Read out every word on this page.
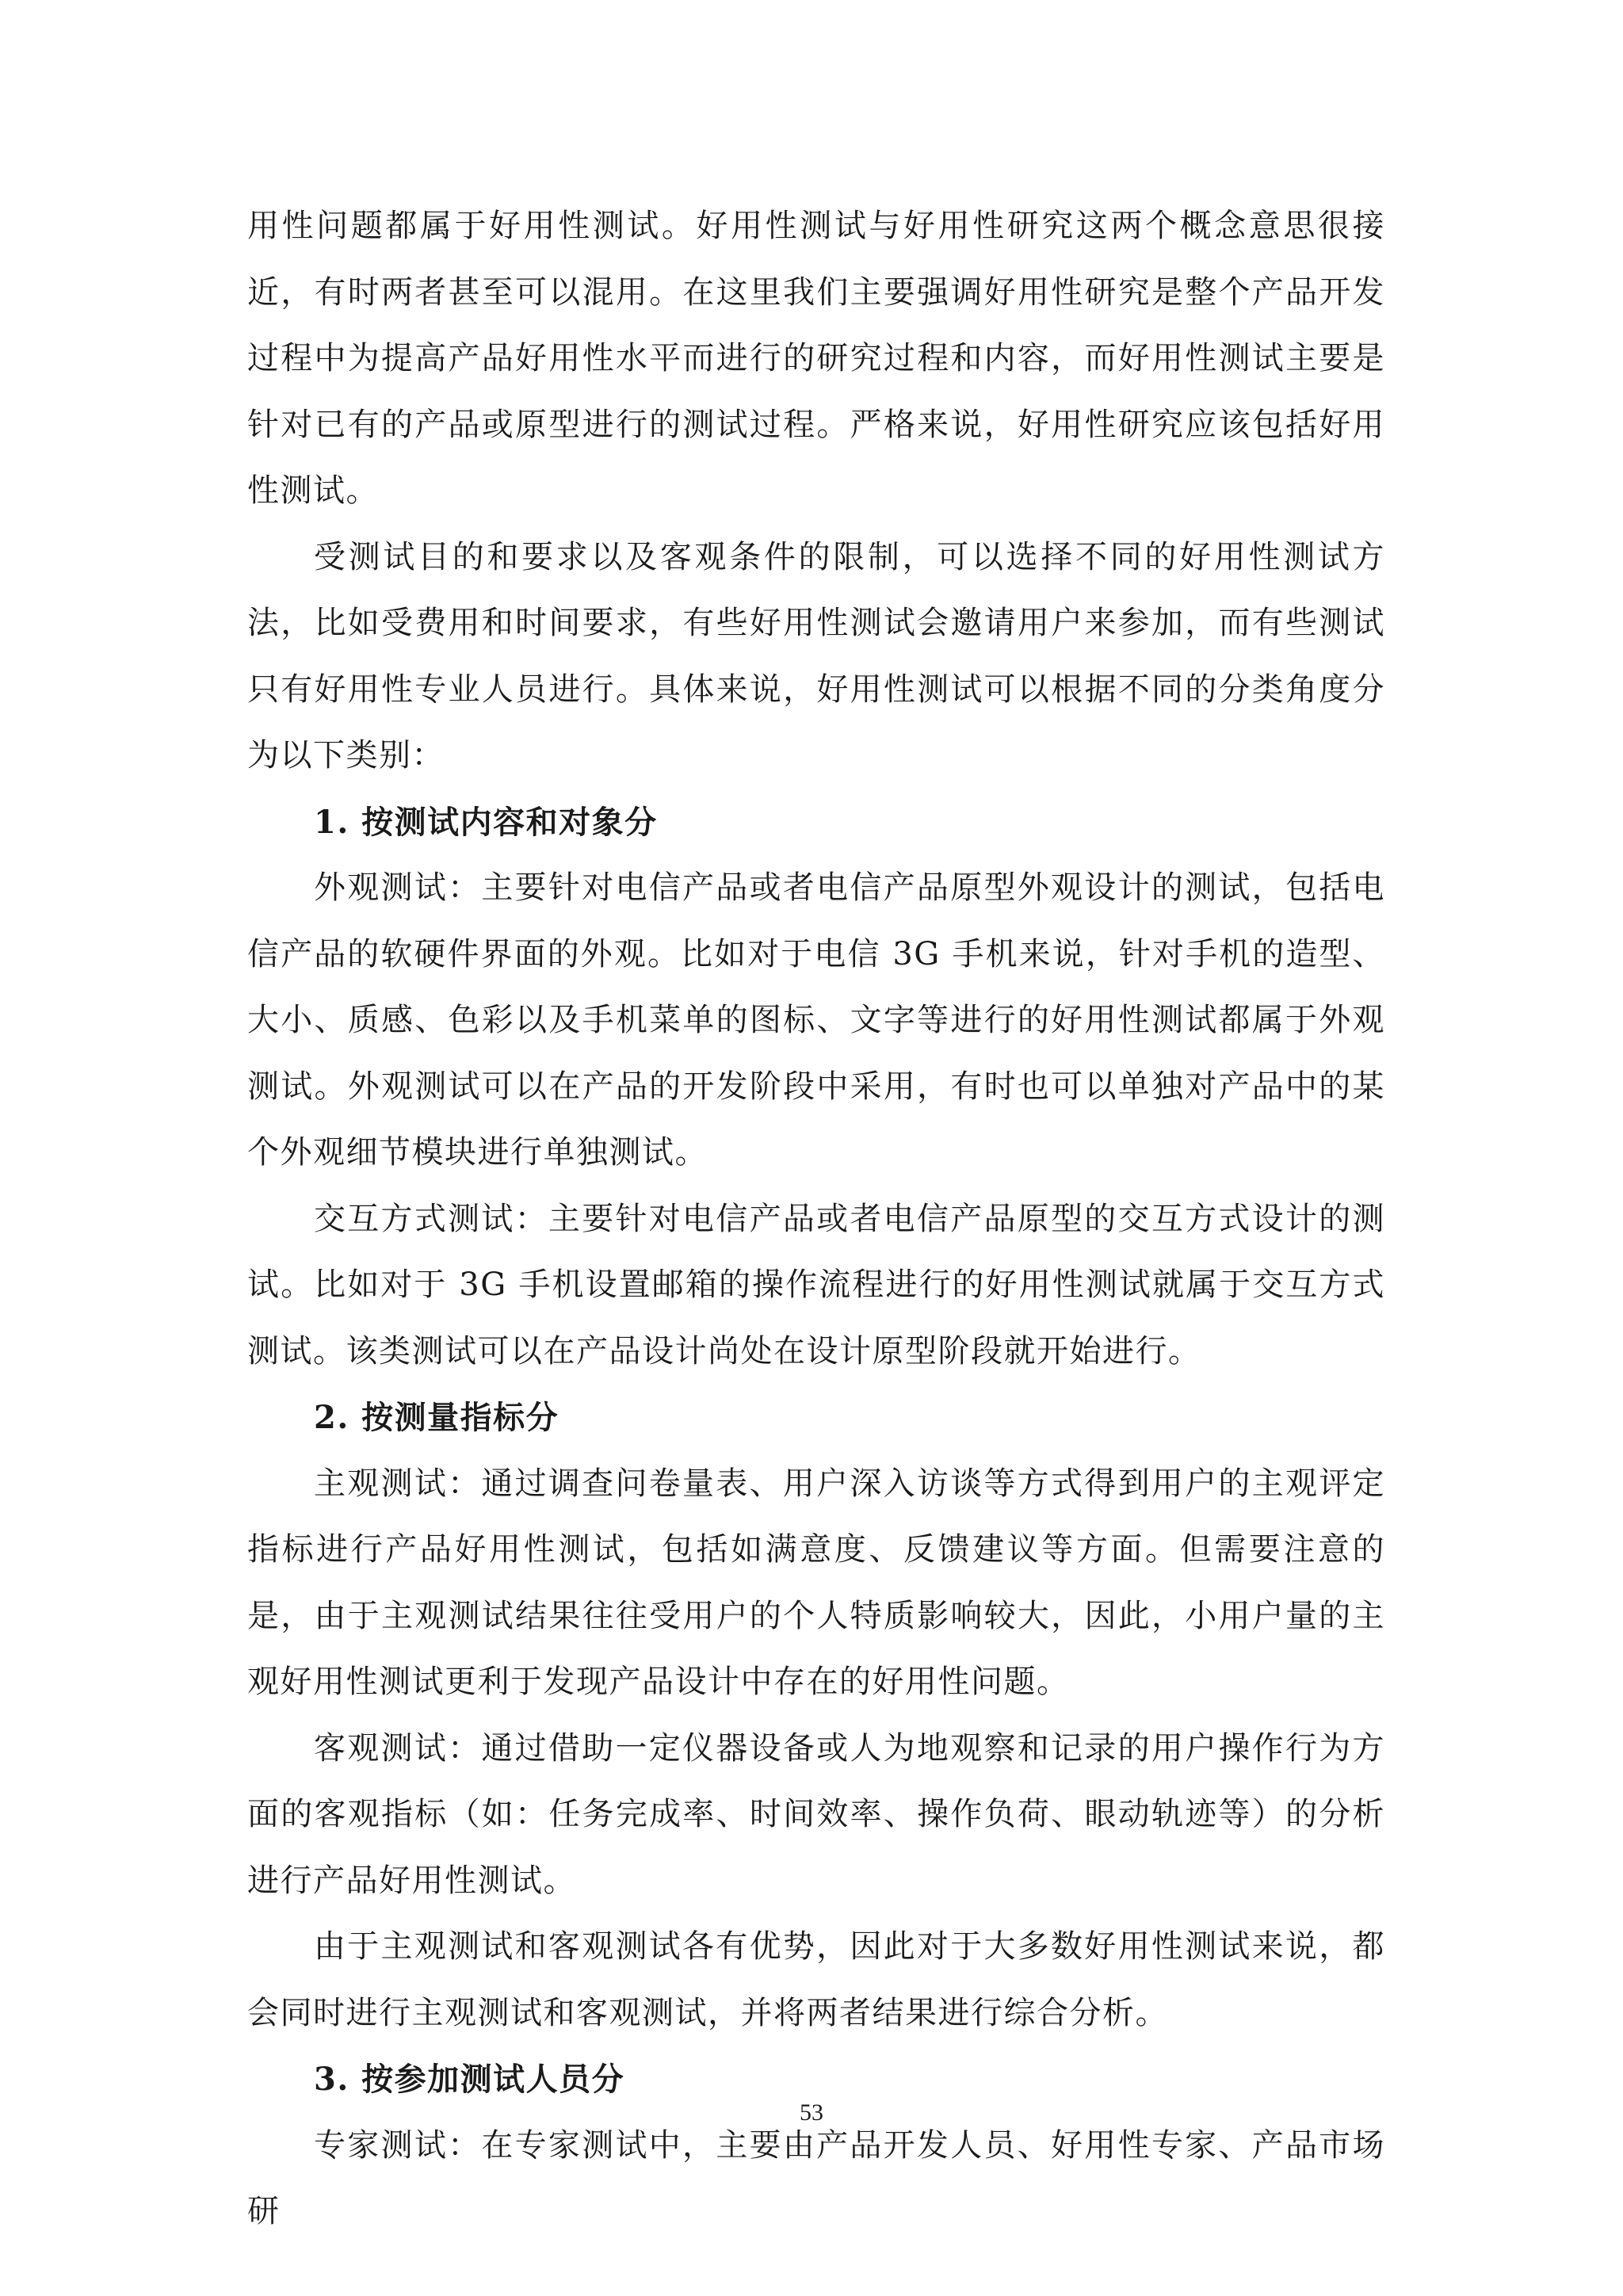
用性问题都属于好用性测试。好用性测试与好用性研究这两个概念意思很接近，有时两者甚至可以混用。在这里我们主要强调好用性研究是整个产品开发过程中为提高产品好用性水平而进行的研究过程和内容，而好用性测试主要是针对已有的产品或原型进行的测试过程。严格来说，好用性研究应该包括好用性测试。

受测试目的和要求以及客观条件的限制，可以选择不同的好用性测试方法，比如受费用和时间要求，有些好用性测试会邀请用户来参加，而有些测试只有好用性专业人员进行。具体来说，好用性测试可以根据不同的分类角度分为以下类别：

1. 按测试内容和对象分

外观测试：主要针对电信产品或者电信产品原型外观设计的测试，包括电信产品的软硬件界面的外观。比如对于电信 3G 手机来说，针对手机的造型、大小、质感、色彩以及手机菜单的图标、文字等进行的好用性测试都属于外观测试。外观测试可以在产品的开发阶段中采用，有时也可以单独对产品中的某个外观细节模块进行单独测试。

交互方式测试：主要针对电信产品或者电信产品原型的交互方式设计的测试。比如对于 3G 手机设置邮箱的操作流程进行的好用性测试就属于交互方式测试。该类测试可以在产品设计尚处在设计原型阶段就开始进行。

2. 按测量指标分

主观测试：通过调查问卷量表、用户深入访谈等方式得到用户的主观评定指标进行产品好用性测试，包括如满意度、反馈建议等方面。但需要注意的是，由于主观测试结果往往受用户的个人特质影响较大，因此，小用户量的主观好用性测试更利于发现产品设计中存在的好用性问题。

客观测试：通过借助一定仪器设备或人为地观察和记录的用户操作行为方面的客观指标（如：任务完成率、时间效率、操作负荷、眼动轨迹等）的分析进行产品好用性测试。

由于主观测试和客观测试各有优势，因此对于大多数好用性测试来说，都会同时进行主观测试和客观测试，并将两者结果进行综合分析。

3. 按参加测试人员分

专家测试：在专家测试中，主要由产品开发人员、好用性专家、产品市场研

53
